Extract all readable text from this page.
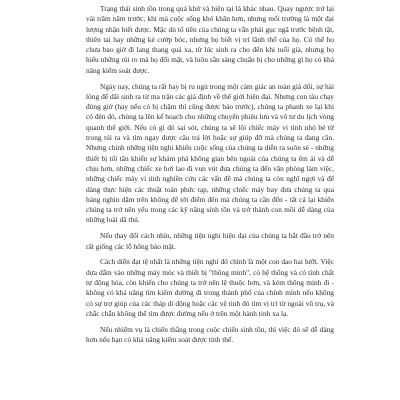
Trạng thái sinh tồn trong quá khứ và hiện tại là khác nhau. Quay ngược trở lại vài trăm năm trước, khi mà cuộc sống khó khăn hơn, nhưng mối trường là một đại lượng nhận biết được. Mặc dù tổ tiên của chúng ta vẫn phải gục ngã trước bệnh tật, thiên tai hay những kẻ cướp bóc, nhưng họ biết vị trí lãnh thổ của họ. Có thể họ chưa bao giờ đi lang thang quá xa, từ lúc sinh ra cho đến khi tuổi già, nhưng họ hiểu những rủi ro mà họ đối mặt, và luôn sẵn sàng chuẩn bị cho những gì họ có khả năng kiểm soát được.

Ngày nay, chúng ta rất hay bị ru ngủ trong một cảm giác an toàn giả dối, sự hài lòng để dãi sinh ra từ ma trận các giả định về thế giới hiện đại. Nhưng con tàu chạy đúng giờ (hay nếu có bị chậm thì cũng được báo trước), chúng ta phanh xe lại khi có đèn đỏ, chúng ta lên kế hoạch cho những chuyến phiêu lưu và vô tư du lịch vòng quanh thế giới. Nếu có gì đó sai sót, chúng ta sẽ lôi chiếc máy vi tính nhỏ bé từ trong túi ra và tìm ngay được câu trả lời hoặc sự giúp đỡ mà chúng ta đang cần. Nhưng chính những tiện nghi khiến cuộc sống của chúng ta diễn ra suôn sẻ - những thiết bị tối tân khiến sự khám phá không gian bên ngoài của chúng ta êm ái và dễ chịu hơn, những chiếc xe hơi lao đi vun vút đưa chúng ta đến văn phòng làm việc, những chiếc máy vi tính nghiền cứu các vấn đề mà chúng ta còn nghĩ ngợi và để dàng thực hiện các thuật toán phức tạp, những chiếc máy bay đưa chúng ta qua hàng nghìn dặm trên không để tới điểm đến mà chúng ta cần đến - tất cả lại khiến chúng ta trở nên yếu trong các kỹ năng sinh tồn và trở thành con mồi dễ dàng của những loài dã thú.

Nếu thay đổi cách nhìn, những tiện nghi hiện đại của chúng ta bắt đầu trở nên rất giống các lỗ hổng bảo mật.

Cách diễn đạt tệ nhất là những tiện nghi đó chính là một con dao hai lưỡi. Việc dựa dẫm vào những máy móc và thiết bị "thông minh", có hệ thống và có tính chất tự động hóa, còn khiến cho chúng ta trở nên lệ thuộc hơn, và kém thông minh đi - không có khả năng tìm kiếm đường đi trong thành phố của chính mình nếu không có sự trợ giúp của các tháp di động hoặc các vệ tinh đó tìm vị trí từ ngoài vũ trụ, và chắc chắn không thể tìm được đường nếu ở trên một hành tinh xa lạ.

Nếu nhiệm vụ là chiến thắng trong cuộc chiến sinh tồn, thì việc đó sẽ dễ dàng hơn nếu bạn có khả năng kiểm soát được tình thế.
